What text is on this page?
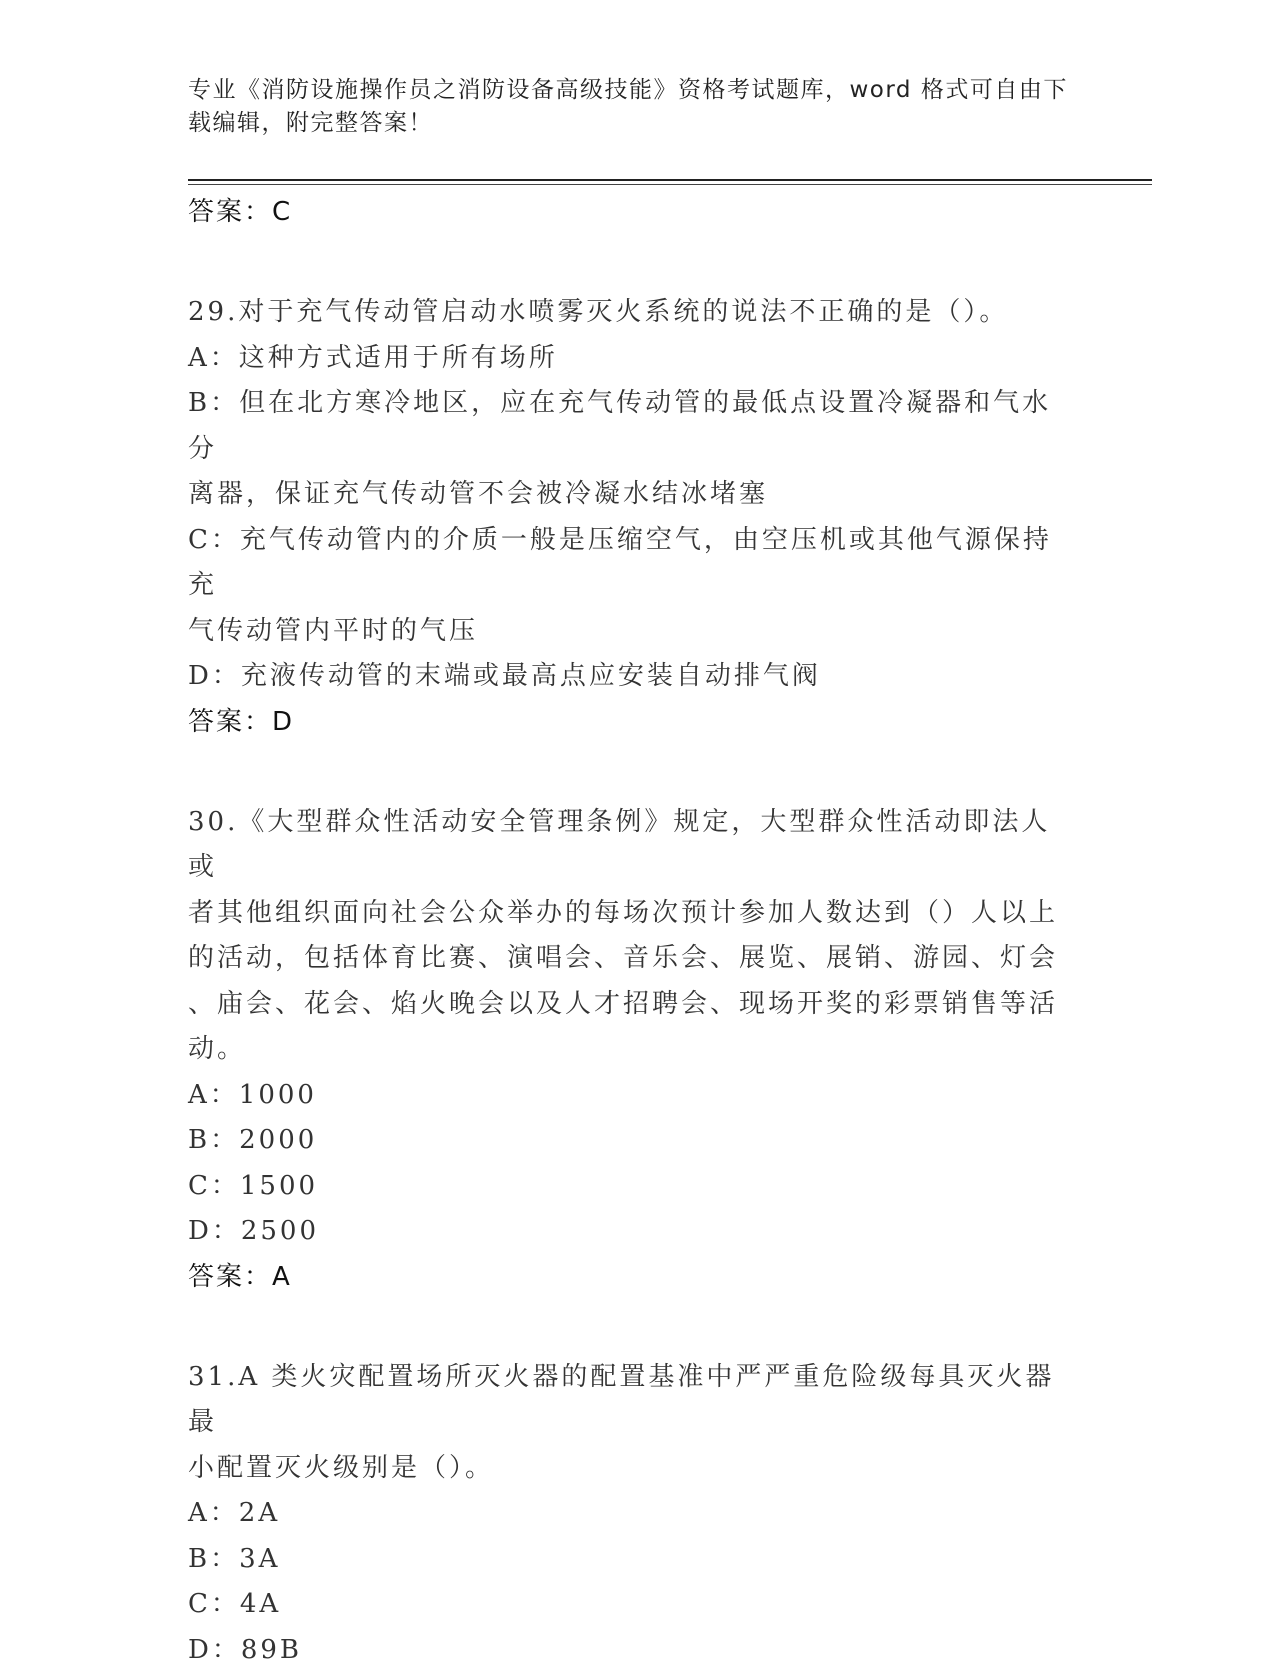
专业《消防设施操作员之消防设备高级技能》资格考试题库，word 格式可自由下
载编辑，附完整答案！

答案：C

29.对于充气传动管启动水喷雾灭火系统的说法不正确的是（）。

A：这种方式适用于所有场所

B：但在北方寒冷地区，应在充气传动管的最低点设置冷凝器和气水分

离器，保证充气传动管不会被冷凝水结冰堵塞

C：充气传动管内的介质一般是压缩空气，由空压机或其他气源保持充

气传动管内平时的气压

D：充液传动管的末端或最高点应安装自动排气阀

答案：D

30.《大型群众性活动安全管理条例》规定，大型群众性活动即法人或

者其他组织面向社会公众举办的每场次预计参加人数达到（）人以上

的活动，包括体育比赛、演唱会、音乐会、展览、展销、游园、灯会

、庙会、花会、焰火晚会以及人才招聘会、现场开奖的彩票销售等活

动。

A：1000

B：2000

C：1500

D：2500

答案：A

31.A 类火灾配置场所灭火器的配置基准中严严重危险级每具灭火器最

小配置灭火级别是（）。

A：2A

B：3A

C：4A

D：89B
